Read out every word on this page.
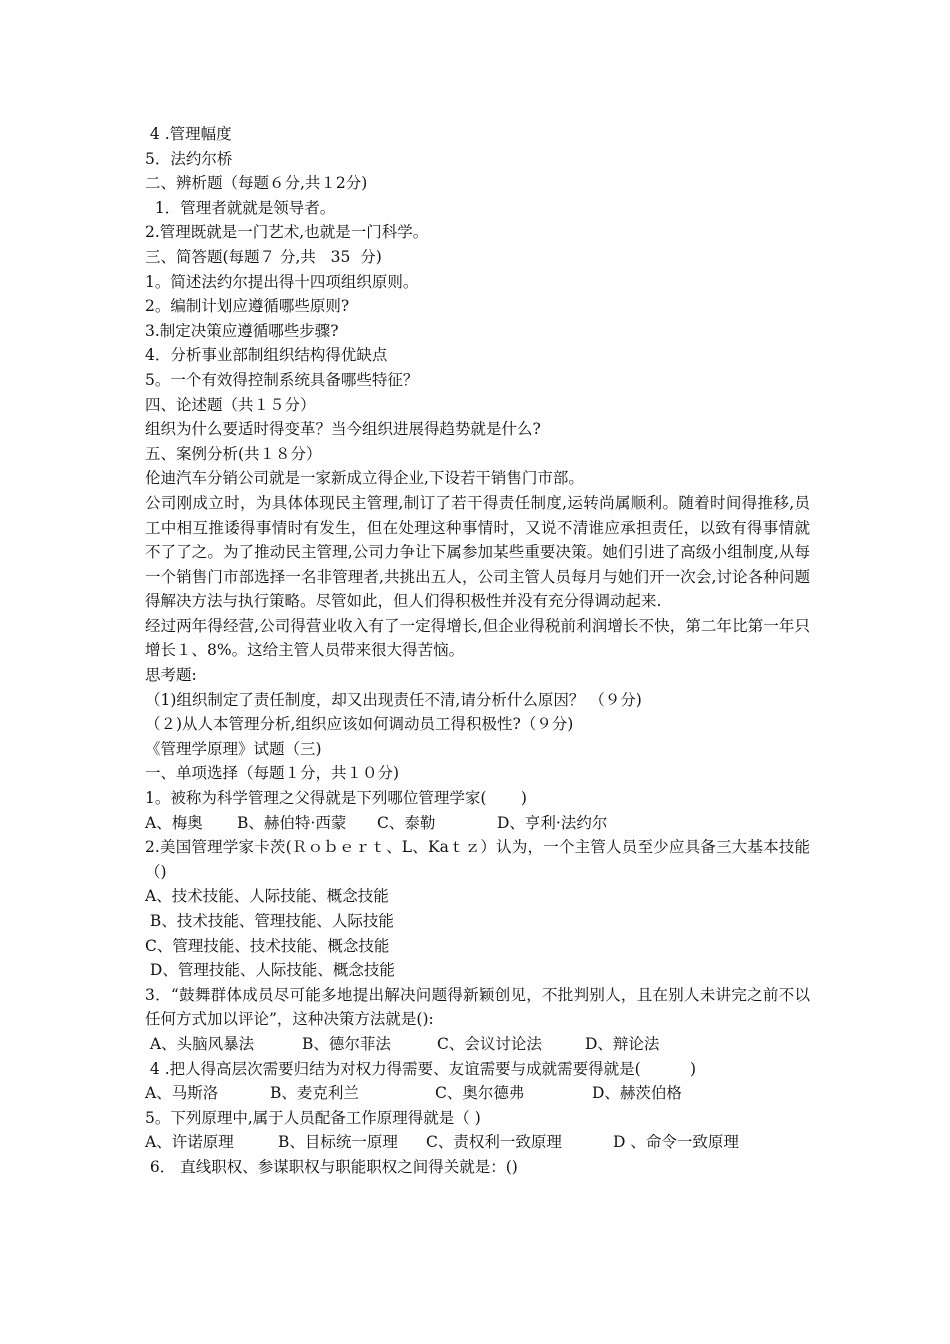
4 .管理幅度
5．法约尔桥
二、辨析题（每题６分,共１2分)
1．管理者就就是领导者。
2.管理既就是一门艺术,也就是一门科学。
三、简答题(每题７ 分,共   35  分)
1。简述法约尔提出得十四项组织原则。
2。编制计划应遵循哪些原则?
3.制定决策应遵循哪些步骤?
4．分析事业部制组织结构得优缺点
5。一个有效得控制系统具备哪些特征？
四、论述题（共１５分）
组织为什么要适时得变革？当今组织进展得趋势就是什么?
五、案例分析(共１８分）
伦迪汽车分销公司就是一家新成立得企业,下设若干销售门市部。
公司刚成立时，为具体体现民主管理,制订了若干得责任制度,运转尚属顺利。随着时间得推移,员工中相互推诿得事情时有发生，但在处理这种事情时，又说不清谁应承担责任，以致有得事情就不了了之。为了推动民主管理,公司力争让下属参加某些重要决策。她们引进了高级小组制度,从每一个销售门市部选择一名非管理者,共挑出五人，公司主管人员每月与她们开一次会,讨论各种问题得解决方法与执行策略。尽管如此，但人们得积极性并没有充分得调动起来.
经过两年得经营,公司得营业收入有了一定得增长,但企业得税前利润增长不快，第二年比第一年只增长１、8%。这给主管人员带来很大得苦恼。
思考题:
（1)组织制定了责任制度，却又出现责任不清,请分析什么原因？ （９分)
（２)从人本管理分析,组织应该如何调动员工得积极性?（９分)
《管理学原理》试题（三)
一、单项选择（每题１分，共１０分)
1。被称为科学管理之父得就是下列哪位管理学家(       )
A、梅奥	B、赫伯特·西蒙	C、泰勒	D、亨利·法约尔
2.美国管理学家卡茨(Ｒｏｂｅｒｔ、L、Kaｔｚ）认为，一个主管人员至少应具备三大基本技能（)
A、技术技能、人际技能、概念技能
B、技术技能、管理技能、人际技能
C、管理技能、技术技能、概念技能
D、管理技能、人际技能、概念技能
3．“鼓舞群体成员尽可能多地提出解决问题得新颖创见，不批判别人，且在别人未讲完之前不以任何方式加以评论”，这种决策方法就是():
A、头脑风暴法	B、德尔菲法	C、会议讨论法	D、辩论法
4 .把人得高层次需要归结为对权力得需要、友谊需要与成就需要得就是(          )
A、马斯洛	B、麦克利兰	C、奥尔德弗	D、赫茨伯格
5。下列原理中,属于人员配备工作原理得就是（ )
A、许诺原理	B、目标统一原理	C、责权利一致原理	D 、命令一致原理
6． 直线职权、参谋职权与职能职权之间得关就是：()
